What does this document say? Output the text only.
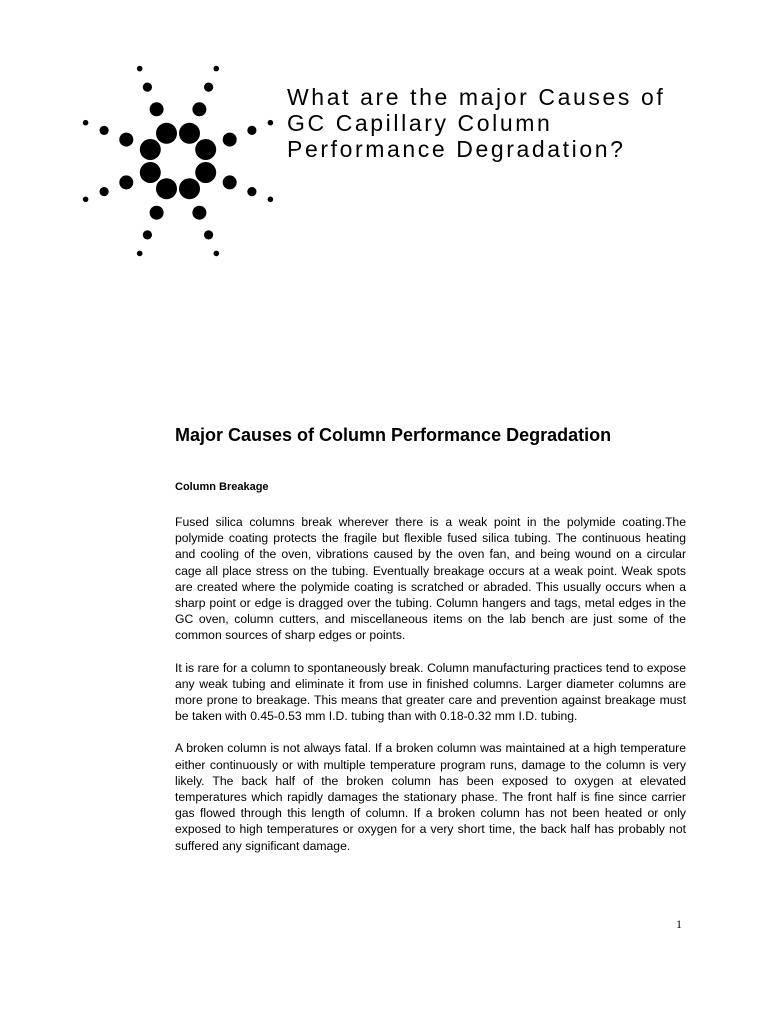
What are the major Causes of
GC Capillary Column
Performance Degradation?
Major Causes of Column Performance Degradation
Column Breakage

Fused silica columns break wherever there is a weak point in the polymide coating.The polymide coating protects the fragile but flexible fused silica tubing. The continuous heating and cooling of the oven, vibrations caused by the oven fan, and being wound on a circular cage all place stress on the tubing. Eventually breakage occurs at a weak point. Weak spots are created where the polymide coating is scratched or abraded. This usually occurs when a sharp point or edge is dragged over the tubing. Column hangers and tags, metal edges in the GC oven, column cutters, and miscellaneous items on the lab bench are just some of the common sources of sharp edges or points.

It is rare for a column to spontaneously break. Column manufacturing practices tend to expose any weak tubing and eliminate it from use in finished columns. Larger diameter columns are more prone to breakage. This means that greater care and prevention against breakage must be taken with 0.45-0.53 mm I.D. tubing than with 0.18-0.32 mm I.D. tubing.

A broken column is not always fatal. If a broken column was maintained at a high temperature either continuously or with multiple temperature program runs, damage to the column is very likely. The back half of the broken column has been exposed to oxygen at elevated temperatures which rapidly damages the stationary phase. The front half is fine since carrier gas flowed through this length of column. If a broken column has not been heated or only exposed to high temperatures or oxygen for a very short time, the back half has probably not suffered any significant damage.

1
